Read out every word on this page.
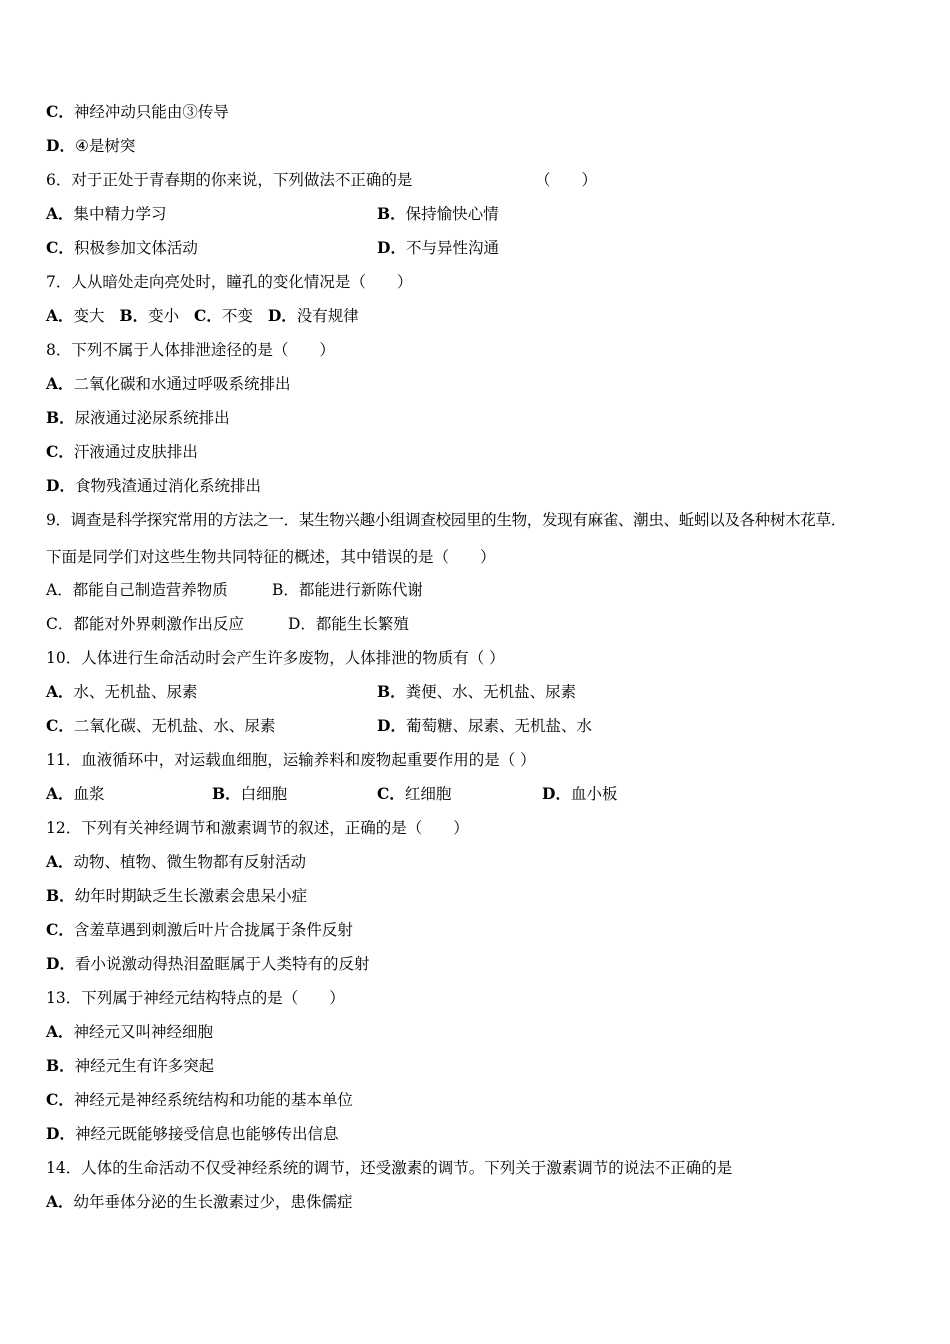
C．神经冲动只能由③传导
D．④是树突
6．对于正处于青春期的你来说，下列做法不正确的是	（　　）
A．集中精力学习	B．保持愉快心情
C．积极参加文体活动	D．不与异性沟通
7．人从暗处走向亮处时，瞳孔的变化情况是（　　）
A．变大 B．变小 C．不变 D．没有规律
8．下列不属于人体排泄途径的是（　　）
A．二氧化碳和水通过呼吸系统排出
B．尿液通过泌尿系统排出
C．汗液通过皮肤排出
D．食物残渣通过消化系统排出
9．调查是科学探究常用的方法之一．某生物兴趣小组调查校园里的生物，发现有麻雀、潮虫、蚯蚓以及各种树木花草．
下面是同学们对这些生物共同特征的概述，其中错误的是（　　）
A．都能自己制造营养物质	B．都能进行新陈代谢
C．都能对外界刺激作出反应	D．都能生长繁殖
10．人体进行生命活动时会产生许多废物，人体排泄的物质有（ ）
A．水、无机盐、尿素	B．粪便、水、无机盐、尿素
C．二氧化碳、无机盐、水、尿素	D．葡萄糖、尿素、无机盐、水
11．血液循环中，对运载血细胞，运输养料和废物起重要作用的是（ ）
A．血浆	B．白细胞	C．红细胞	D．血小板
12．下列有关神经调节和激素调节的叙述，正确的是（　　）
A．动物、植物、微生物都有反射活动
B．幼年时期缺乏生长激素会患呆小症
C．含羞草遇到刺激后叶片合拢属于条件反射
D．看小说激动得热泪盈眶属于人类特有的反射
13．下列属于神经元结构特点的是（　　）
A．神经元又叫神经细胞
B．神经元生有许多突起
C．神经元是神经系统结构和功能的基本单位
D．神经元既能够接受信息也能够传出信息
14．人体的生命活动不仅受神经系统的调节，还受激素的调节。下列关于激素调节的说法不正确的是
A．幼年垂体分泌的生长激素过少，患侏儒症
